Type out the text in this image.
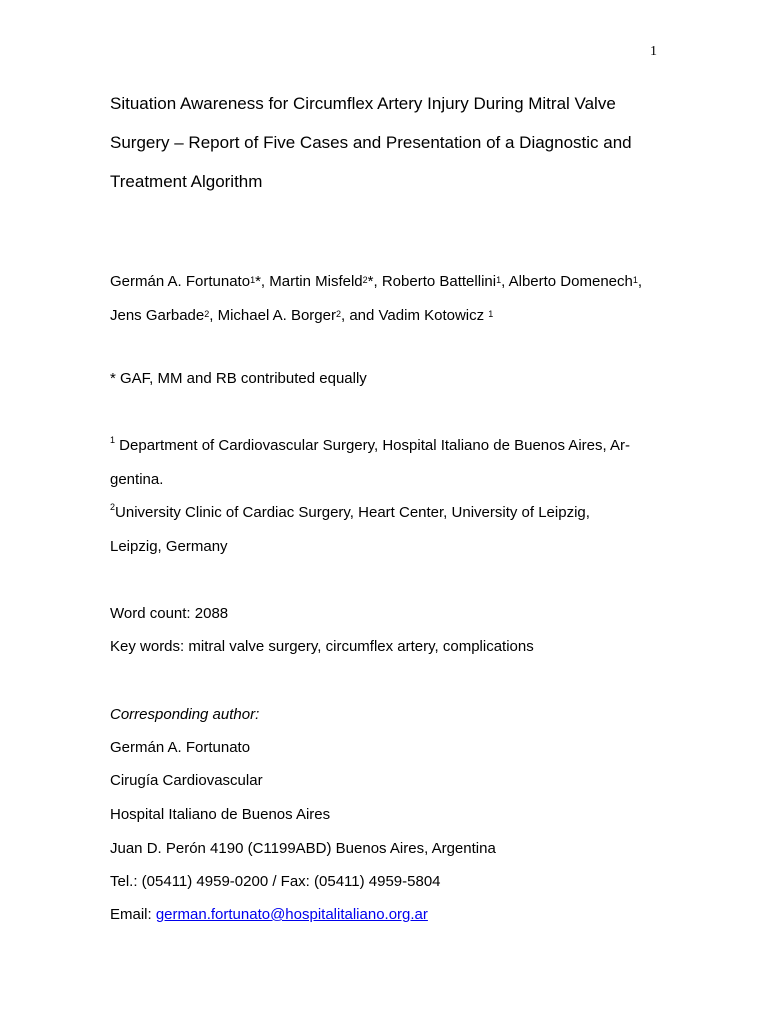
1
Situation Awareness for Circumflex Artery Injury During Mitral Valve Surgery – Report of Five Cases and Presentation of a Diagnostic and Treatment Algorithm
Germán A. Fortunato$^1$*, Martin Misfeld$^2$*, Roberto Battellini$^1$, Alberto Domenech$^1$, Jens Garbade$^2$, Michael A. Borger$^2$, and Vadim Kotowicz $^1$
* GAF, MM and RB contributed equally
$^1$ Department of Cardiovascular Surgery, Hospital Italiano de Buenos Aires, Ar-
gentina.
$^2$University Clinic of Cardiac Surgery, Heart Center, University of Leipzig,
Leipzig, Germany
Word count: 2088
Key words: mitral valve surgery, circumflex artery, complications
Corresponding author:
Germán A. Fortunato
Cirugía Cardiovascular
Hospital Italiano de Buenos Aires
Juan D. Perón 4190 (C1199ABD) Buenos Aires, Argentina
Tel.: (05411) 4959-0200 / Fax: (05411) 4959-5804
Email: german.fortunato@hospitalitaliano.org.ar
